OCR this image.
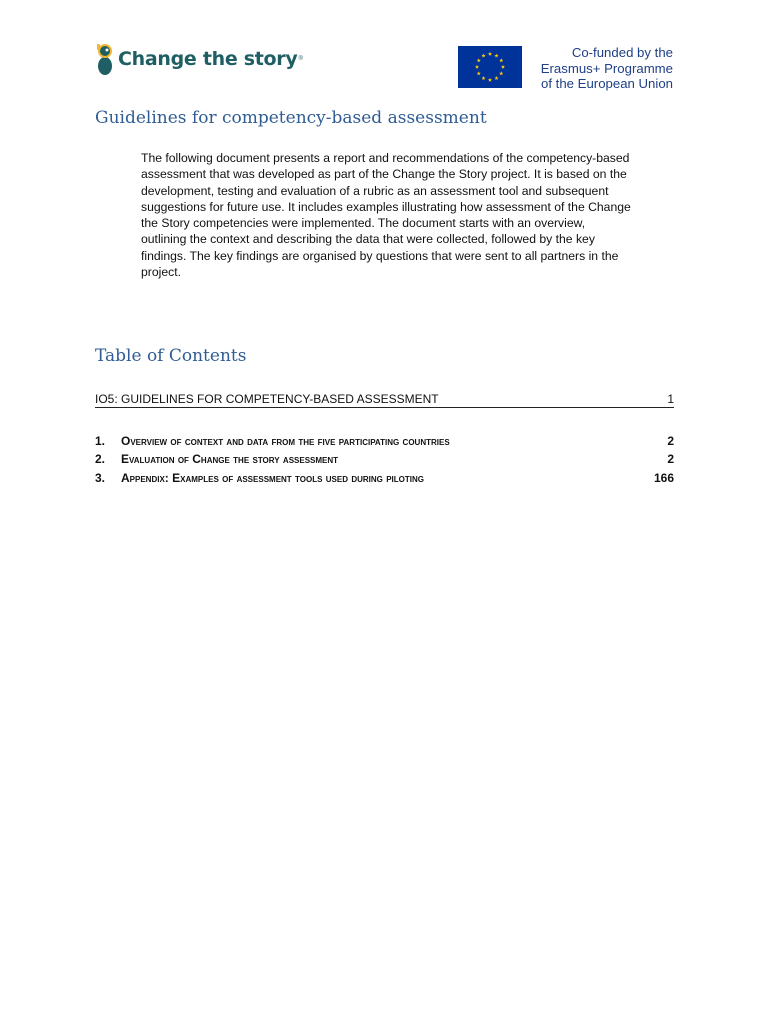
Change the story ®	Co-funded by the
Erasmus+ Programme
of the European Union
Guidelines for competency-based assessment
The following document presents a report and recommendations of the competency-based
assessment that was developed as part of the Change the Story project. It is based on the
development, testing and evaluation of a rubric as an assessment tool and subsequent
suggestions for future use. It includes examples illustrating how assessment of the Change
the Story competencies were implemented. The document starts with an overview,
outlining the context and describing the data that were collected, followed by the key
findings. The key findings are organised by questions that were sent to all partners in the
project.
Table of Contents
IO5: GUIDELINES FOR COMPETENCY-BASED ASSESSMENT	1
1.	Overview of context and data from the five participating countries	2
2.	Evaluation of Change the story assessment	2
3.	Appendix: Examples of assessment tools used during piloting	166
